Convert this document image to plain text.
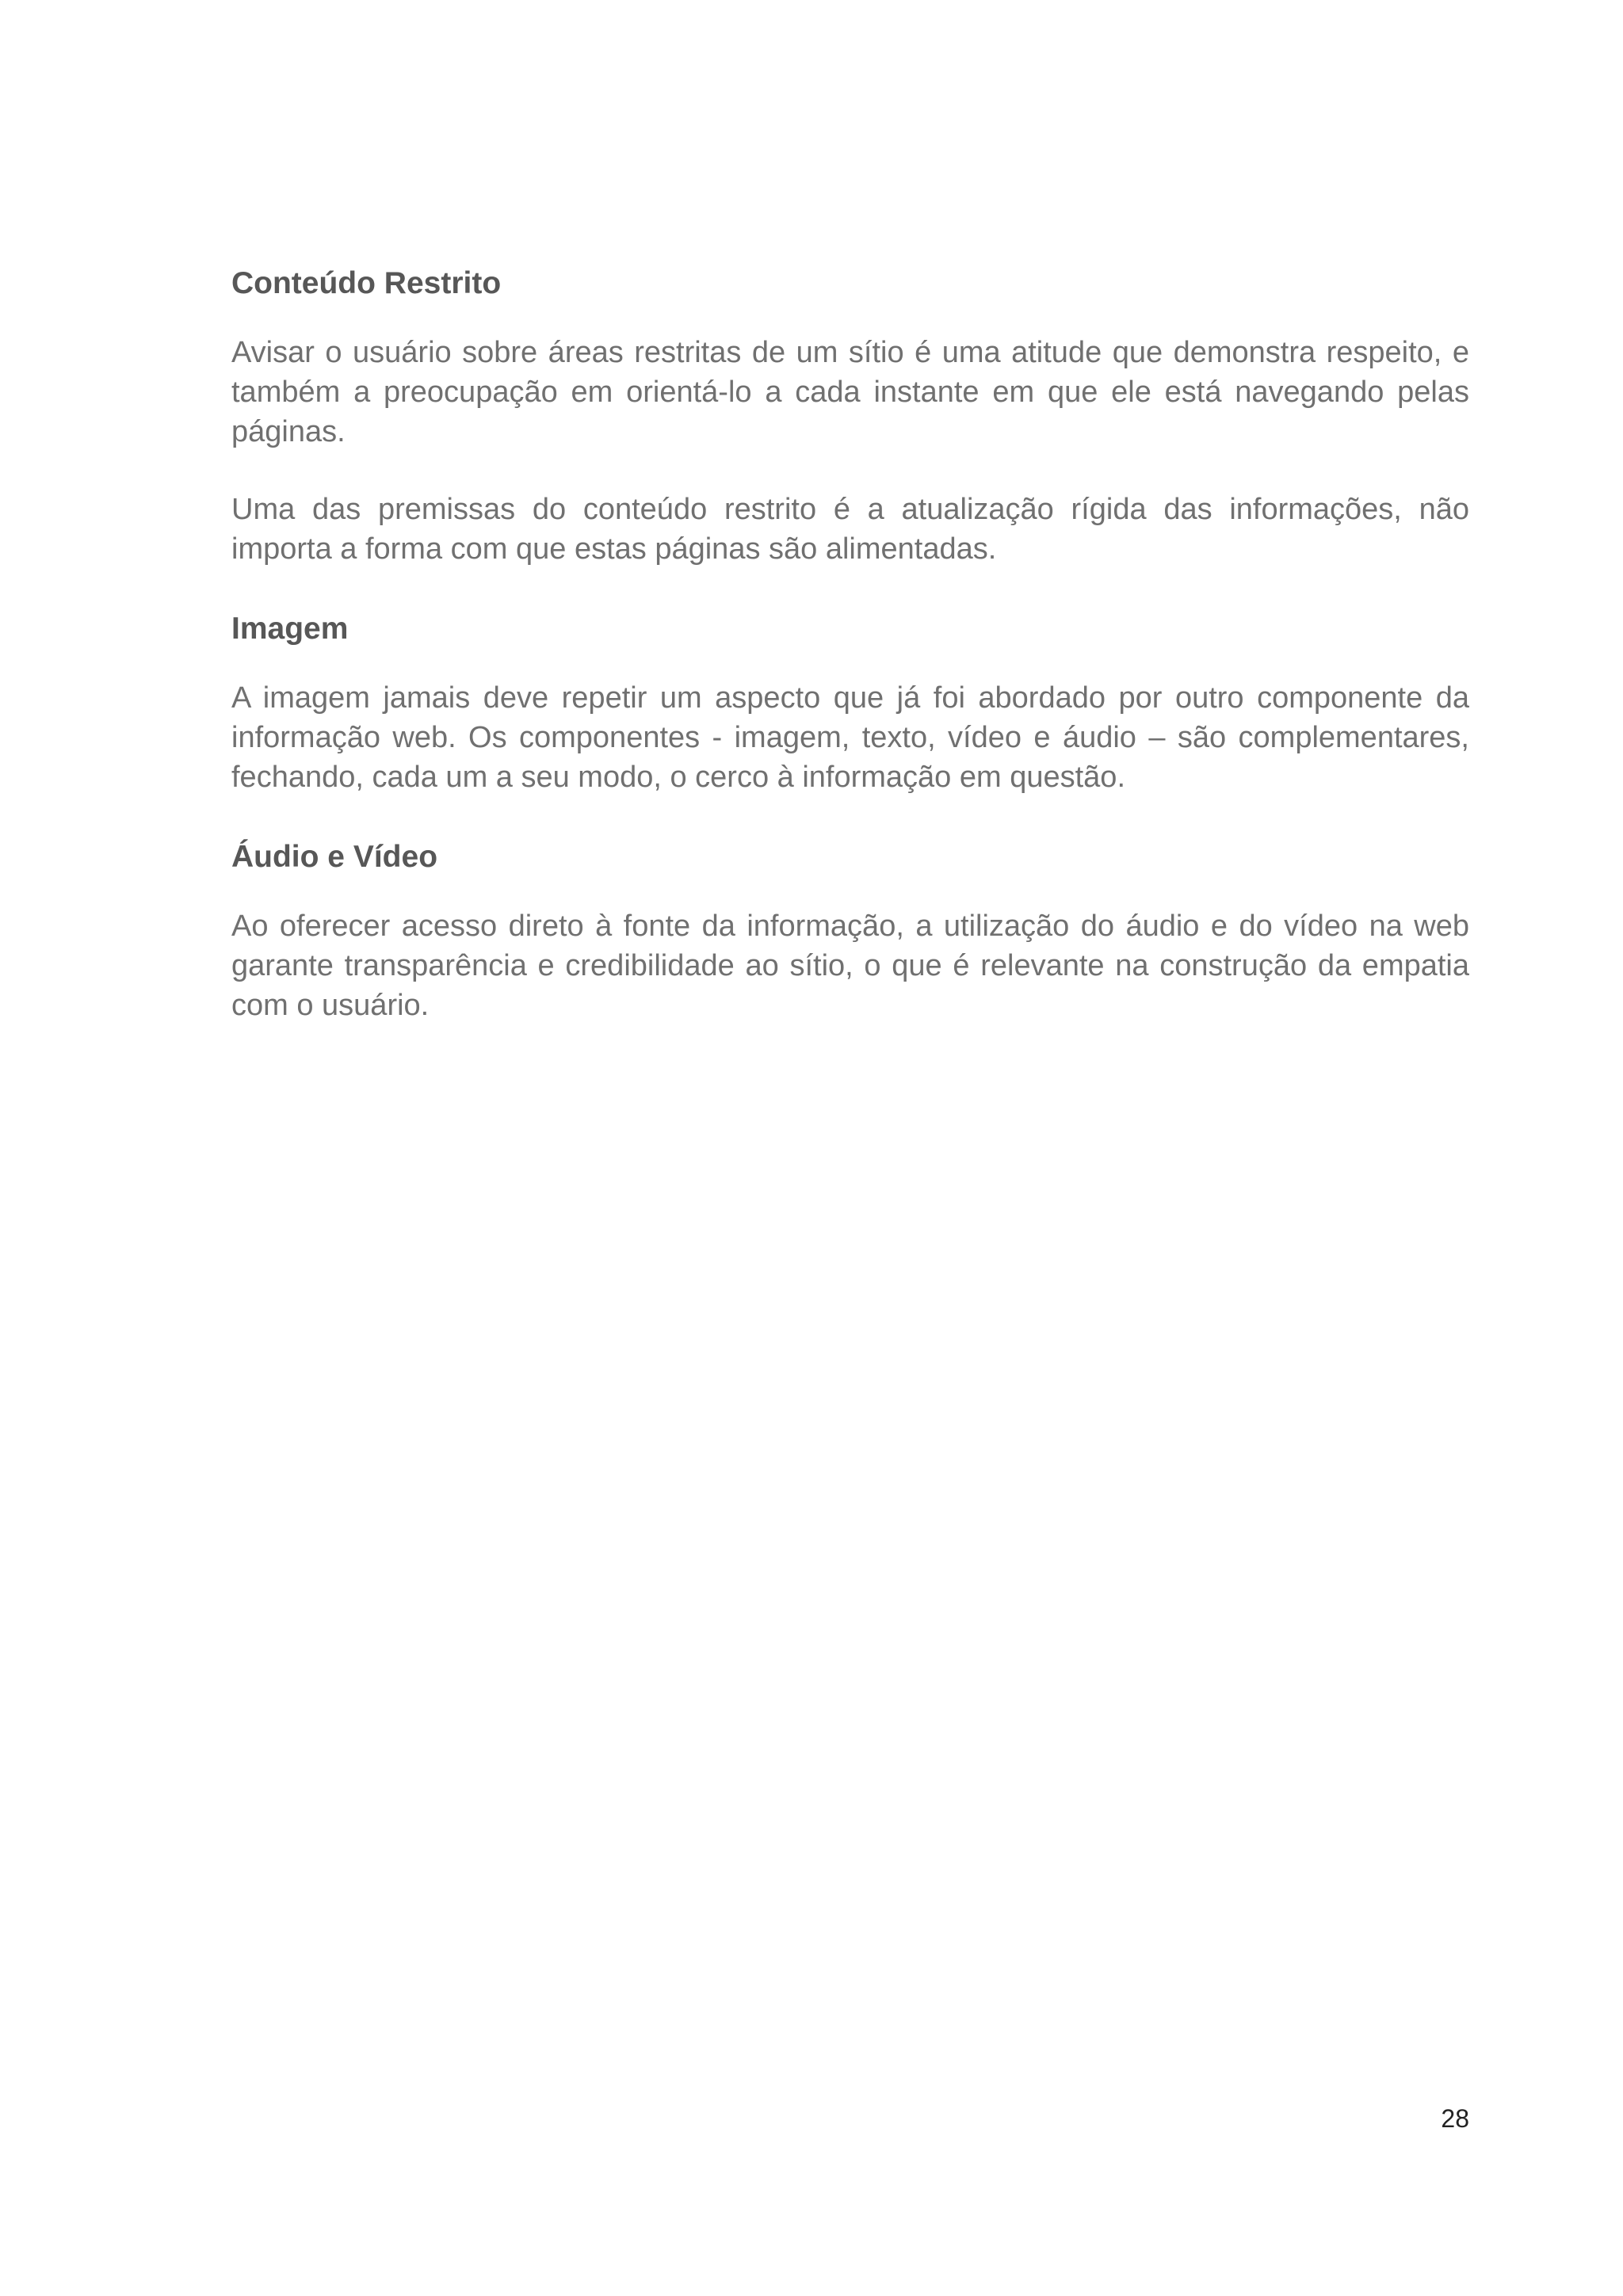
Conteúdo Restrito

Avisar o usuário sobre áreas restritas de um sítio é uma atitude que demonstra respeito, e também a preocupação em orientá-lo a cada instante em que ele está navegando pelas páginas.

Uma das premissas do conteúdo restrito é a atualização rígida das informações, não importa a forma com que estas páginas são alimentadas.

Imagem

A imagem jamais deve repetir um aspecto que já foi abordado por outro componente da informação web. Os componentes - imagem, texto, vídeo e áudio – são complementares, fechando, cada um a seu modo, o cerco à informação em questão.

Áudio e Vídeo

Ao oferecer acesso direto à fonte da informação, a utilização do áudio e do vídeo na web garante transparência e credibilidade ao sítio, o que é relevante na construção da empatia com o usuário.

28
